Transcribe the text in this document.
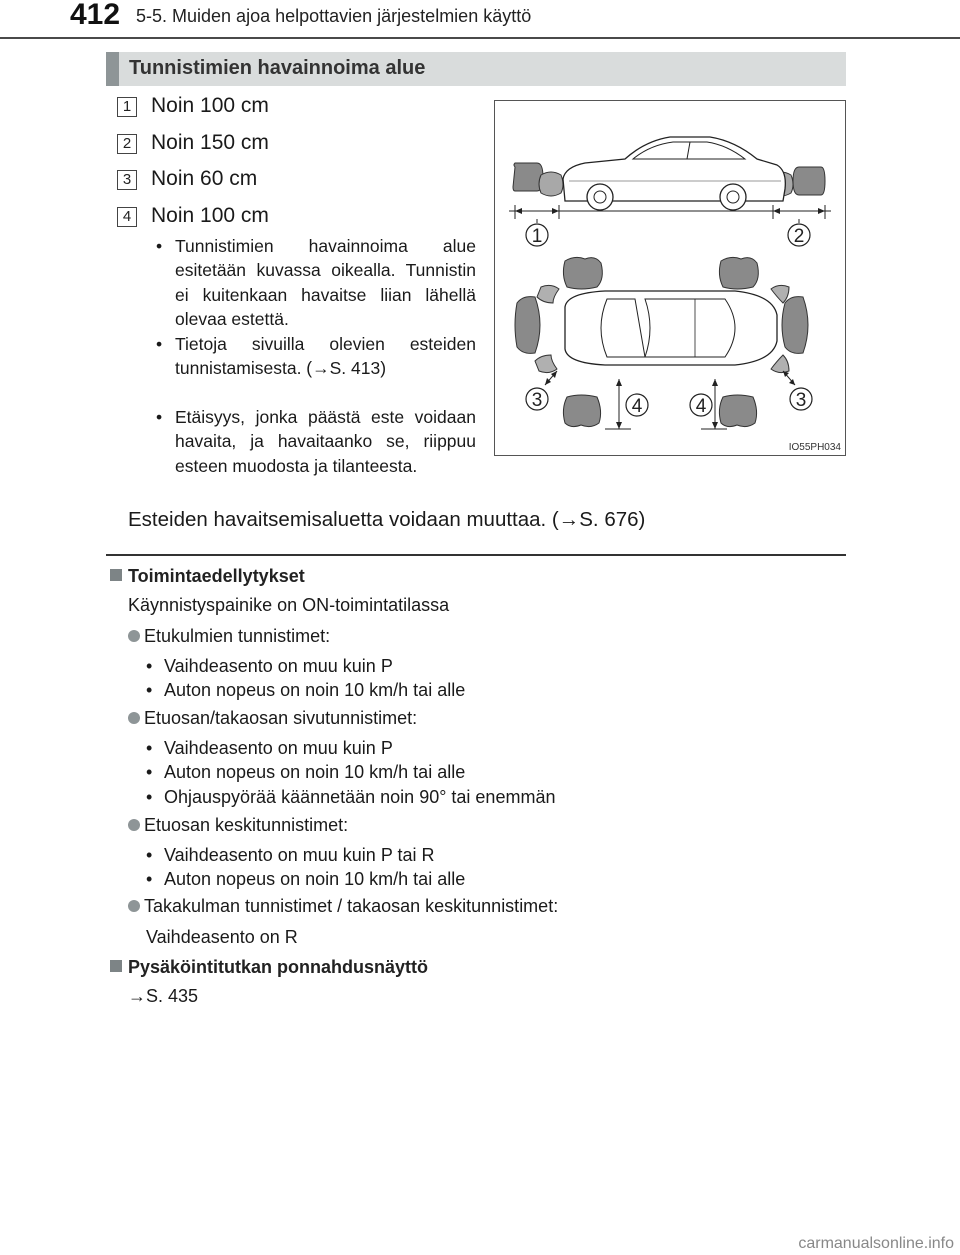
412 5-5. Muiden ajoa helpottavien järjestelmien käyttö
Tunnistimien havainnoima alue
1 Noin 100 cm
2 Noin 150 cm
3 Noin 60 cm
4 Noin 100 cm
• Tunnistimien havainnoima alue esitetään kuvassa oikealla. Tunnistin ei kuitenkaan havaitse liian lähellä olevaa estettä.
• Tietoja sivuilla olevien esteiden tunnistamisesta. (→S. 413)
• Etäisyys, jonka päästä este voidaan havaita, ja havaitaanko se, riippuu esteen muodosta ja tilanteesta.
Esteiden havaitsemisaluetta voidaan muuttaa. (→S. 676)
1	2
3	4	4	3
IO55PH034
Toimintaedellytykset
Käynnistyspainike on ON-toimintatilassa
Etukulmien tunnistimet:
• Vaihdeasento on muu kuin P
• Auton nopeus on noin 10 km/h tai alle
Etuosan/takaosan sivutunnistimet:
• Vaihdeasento on muu kuin P
• Auton nopeus on noin 10 km/h tai alle
• Ohjauspyörää käännetään noin 90° tai enemmän
Etuosan keskitunnistimet:
• Vaihdeasento on muu kuin P tai R
• Auton nopeus on noin 10 km/h tai alle
Takakulman tunnistimet / takaosan keskitunnistimet:
Vaihdeasento on R
Pysäköintitutkan ponnahdusnäyttö
→S. 435
carmanualsonline.info
